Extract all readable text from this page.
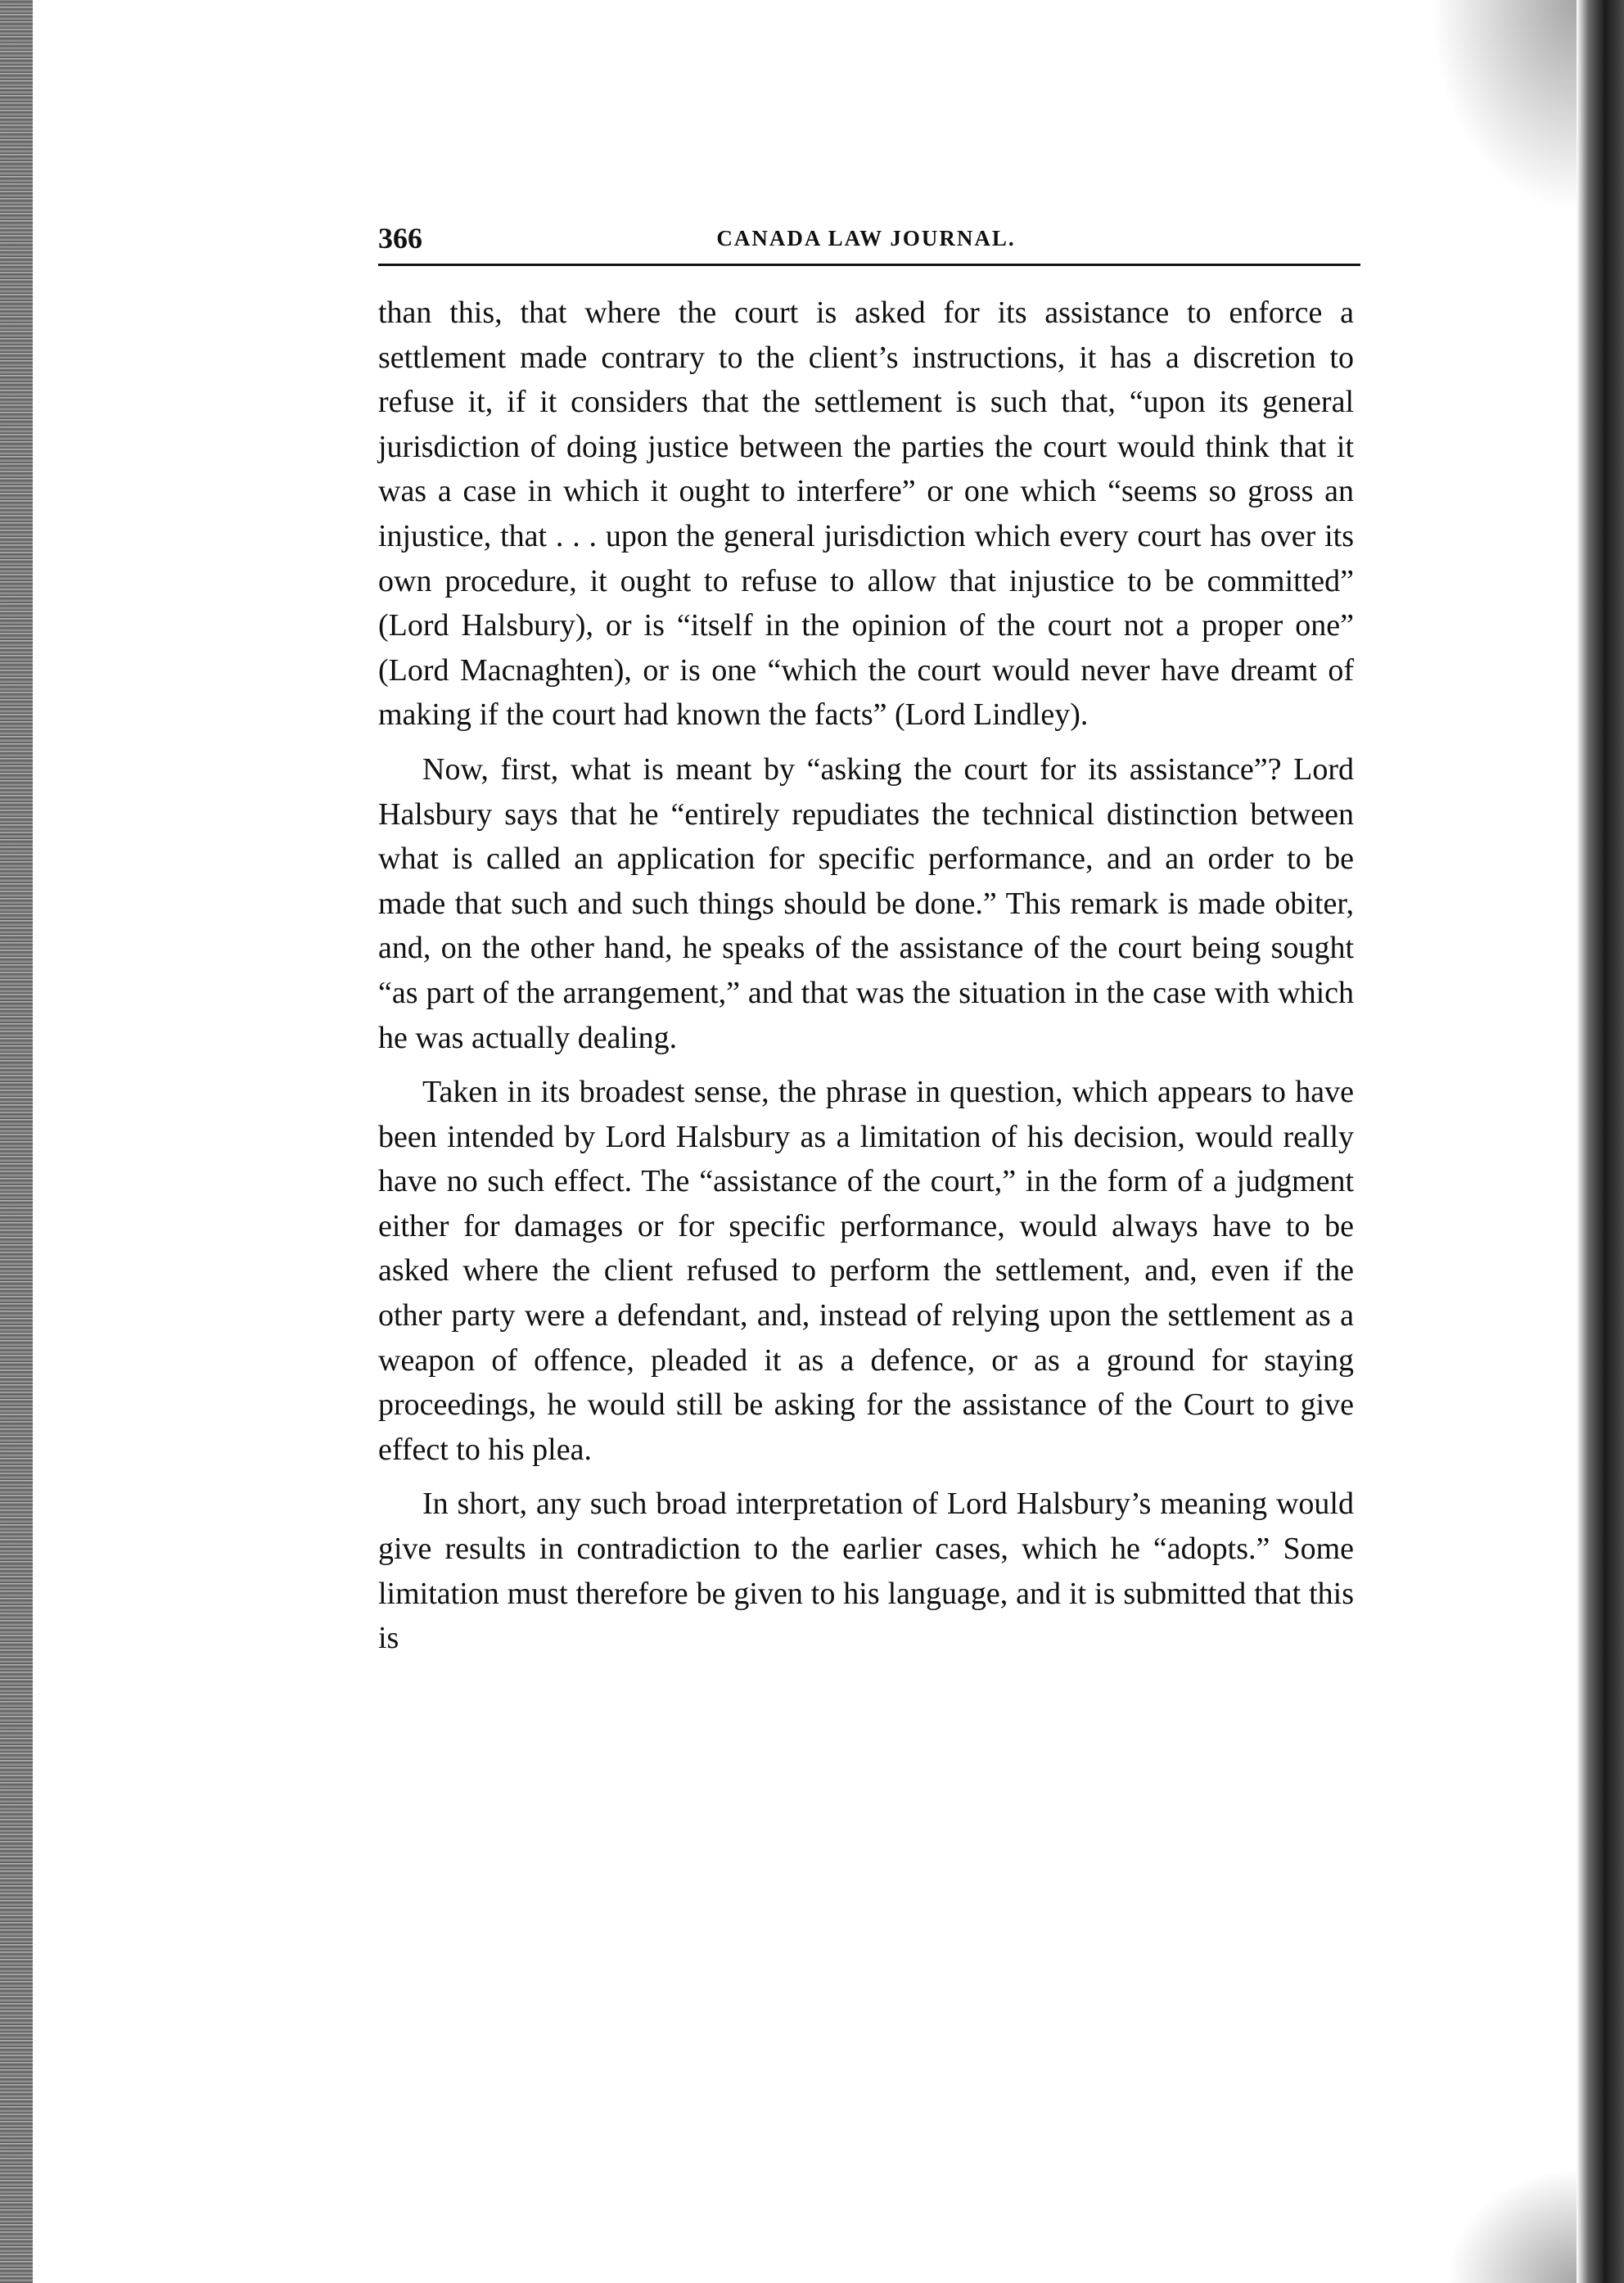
366	CANADA LAW JOURNAL.

than this, that where the court is asked for its assistance to enforce a settlement made contrary to the client’s instructions, it has a discretion to refuse it, if it considers that the settlement is such that, “upon its general jurisdiction of doing justice between the parties the court would think that it was a case in which it ought to interfere” or one which “seems so gross an injustice, that . . . upon the general jurisdiction which every court has over its own procedure, it ought to refuse to allow that injustice to be committed” (Lord Halsbury), or is “itself in the opinion of the court not a proper one” (Lord Macnaghten), or is one “which the court would never have dreamt of making if the court had known the facts” (Lord Lindley).

Now, first, what is meant by “asking the court for its assistance”? Lord Halsbury says that he “entirely repudiates the technical distinction between what is called an application for specific performance, and an order to be made that such and such things should be done.” This remark is made obiter, and, on the other hand, he speaks of the assistance of the court being sought “as part of the arrangement,” and that was the situation in the case with which he was actually dealing.

Taken in its broadest sense, the phrase in question, which appears to have been intended by Lord Halsbury as a limitation of his decision, would really have no such effect. The “assistance of the court,” in the form of a judgment either for damages or for specific performance, would always have to be asked where the client refused to perform the settlement, and, even if the other party were a defendant, and, instead of relying upon the settlement as a weapon of offence, pleaded it as a defence, or as a ground for staying proceedings, he would still be asking for the assistance of the Court to give effect to his plea.

In short, any such broad interpretation of Lord Halsbury’s meaning would give results in contradiction to the earlier cases, which he “adopts.” Some limitation must therefore be given to his language, and it is submitted that this is
